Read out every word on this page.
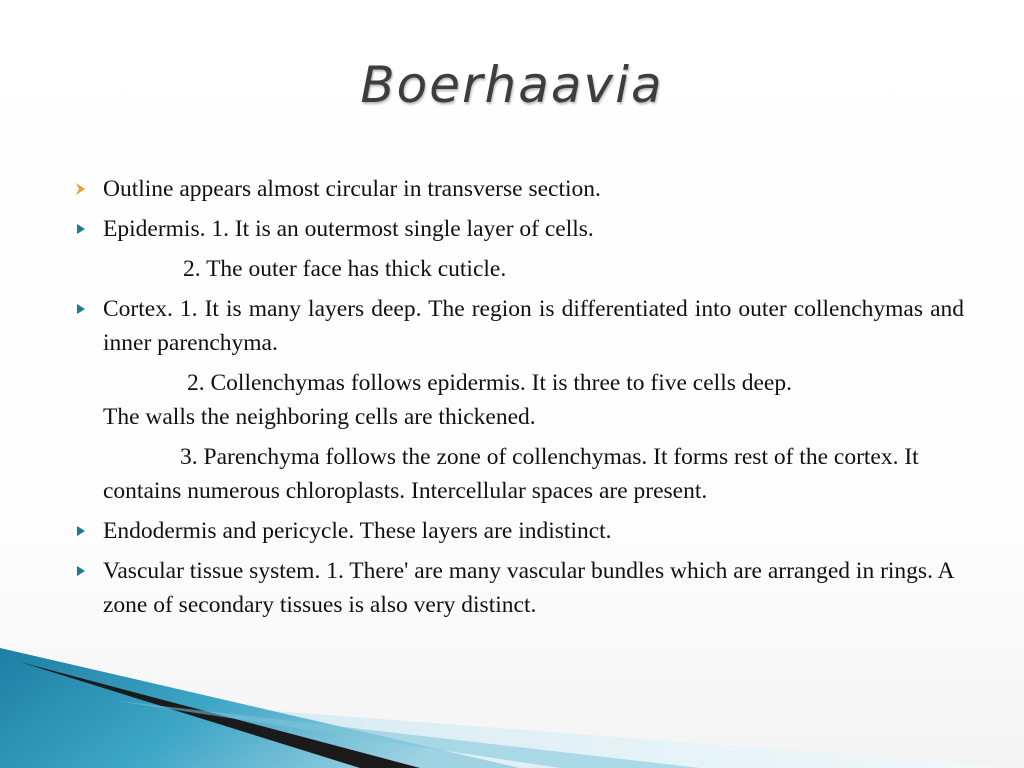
Boerhaavia
Outline appears almost circular in transverse section.
Epidermis. 1. It is an outermost single layer of cells.
2. The outer face has thick cuticle.
Cortex. 1. It is many layers deep. The region is differentiated into outer collenchymas and inner parenchyma.
2. Collenchymas follows epidermis. It is three to five cells deep.
The walls the neighboring cells are thickened.
3. Parenchyma follows the zone of collenchymas. It forms rest of the cortex. It contains numerous chloroplasts. Intercellular spaces are present.
Endodermis and pericycle. These layers are indistinct.
Vascular tissue system. 1. There' are many vascular bundles which are arranged in rings. A zone of secondary tissues is also very distinct.
